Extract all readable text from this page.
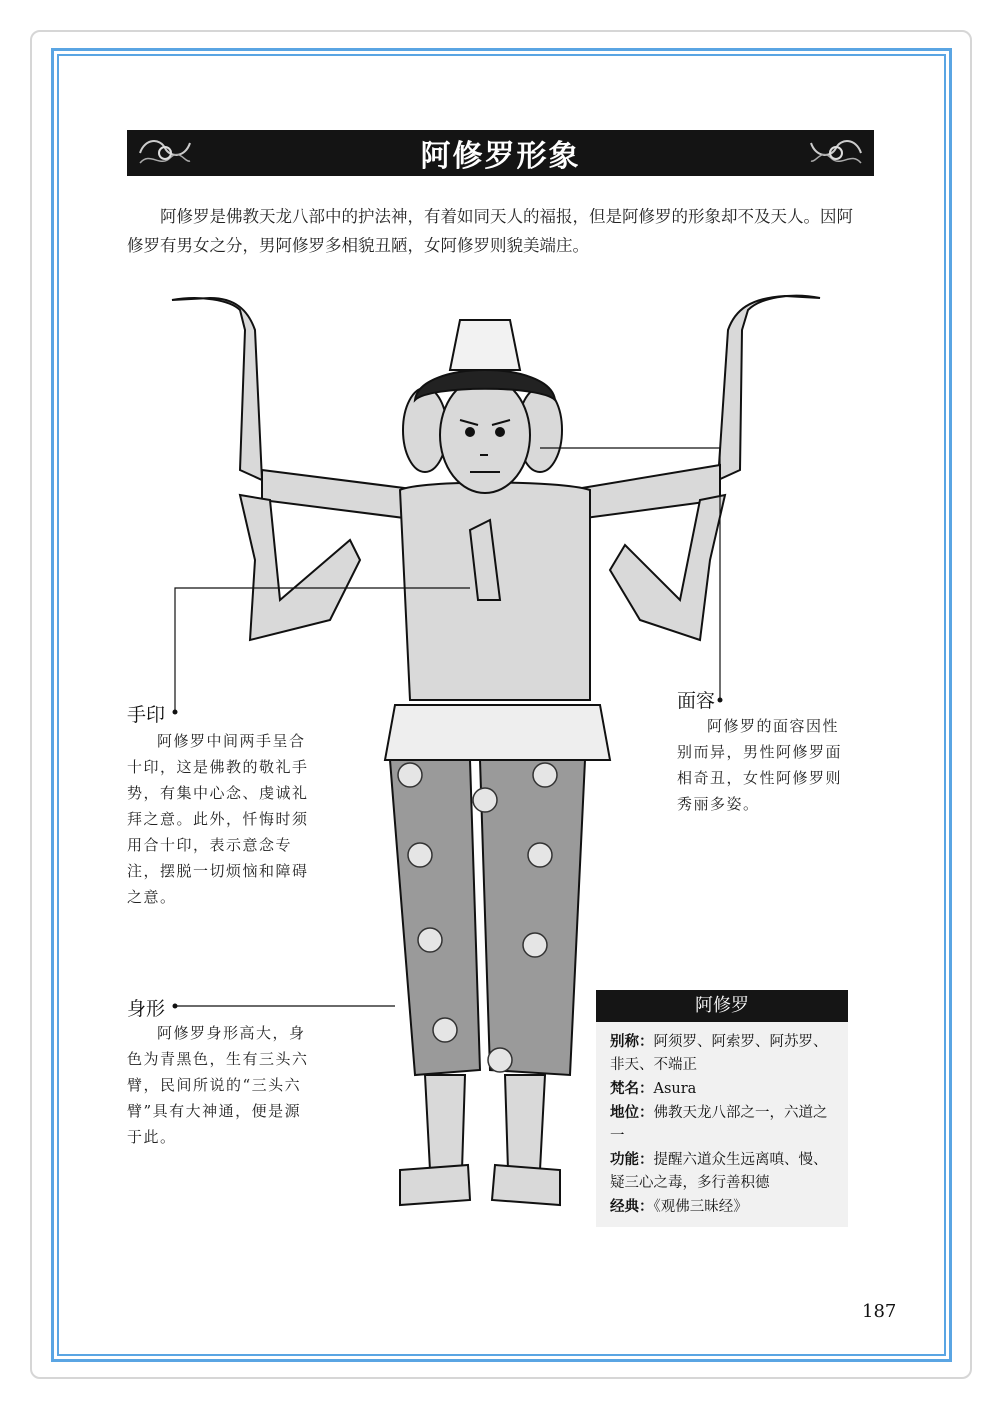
阿修罗形象
阿修罗是佛教天龙八部中的护法神，有着如同天人的福报，但是阿修罗的形象却不及天人。因阿修罗有男女之分，男阿修罗多相貌丑陋，女阿修罗则貌美端庄。
手印
阿修罗中间两手呈合十印，这是佛教的敬礼手势，有集中心念、虔诚礼拜之意。此外，忏悔时须用合十印，表示意念专注，摆脱一切烦恼和障碍之意。
面容
阿修罗的面容因性别而异，男性阿修罗面相奇丑，女性阿修罗则秀丽多姿。
身形
阿修罗身形高大，身色为青黑色，生有三头六臂，民间所说的“三头六臂”具有大神通，便是源于此。
阿修罗
别称：阿须罗、阿索罗、阿苏罗、非天、不端正
梵名：Asura
地位：佛教天龙八部之一，六道之一
功能：提醒六道众生远离嗔、慢、疑三心之毒，多行善积德
经典：《观佛三昧经》
187
